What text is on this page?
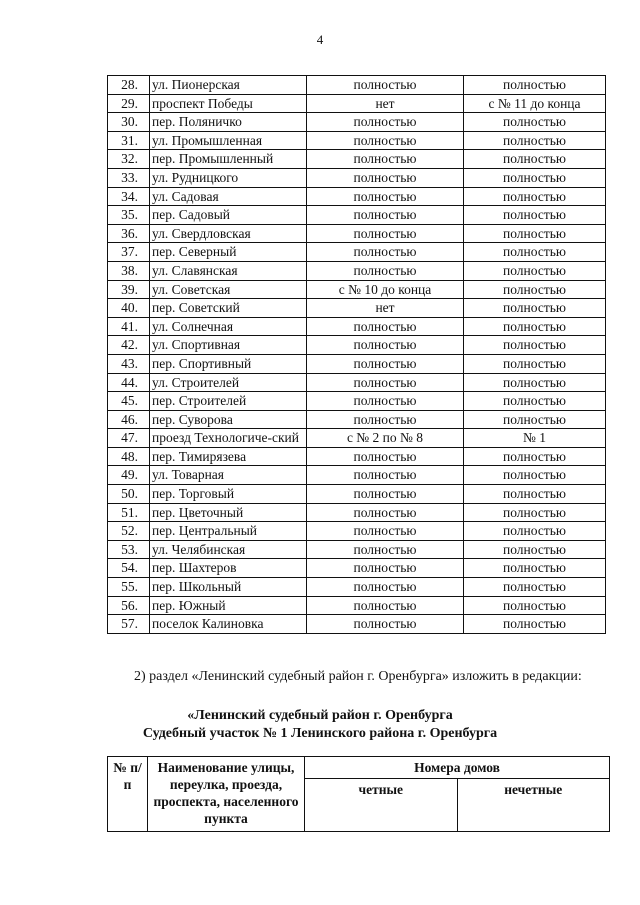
4
28.	ул. Пионерская	полностью	полностью
29.	проспект Победы	нет	с № 11 до конца
30.	пер. Поляничко	полностью	полностью
31.	ул. Промышленная	полностью	полностью
32.	пер. Промышленный	полностью	полностью
33.	ул. Рудницкого	полностью	полностью
34.	ул. Садовая	полностью	полностью
35.	пер. Садовый	полностью	полностью
36.	ул. Свердловская	полностью	полностью
37.	пер. Северный	полностью	полностью
38.	ул. Славянская	полностью	полностью
39.	ул. Советская	с № 10 до конца	полностью
40.	пер. Советский	нет	полностью
41.	ул. Солнечная	полностью	полностью
42.	ул. Спортивная	полностью	полностью
43.	пер. Спортивный	полностью	полностью
44.	ул. Строителей	полностью	полностью
45.	пер. Строителей	полностью	полностью
46.	пер. Суворова	полностью	полностью
47.	проезд Технологиче-ский	с № 2 по № 8	№ 1
48.	пер. Тимирязева	полностью	полностью
49.	ул. Товарная	полностью	полностью
50.	пер. Торговый	полностью	полностью
51.	пер. Цветочный	полностью	полностью
52.	пер. Центральный	полностью	полностью
53.	ул. Челябинская	полностью	полностью
54.	пер. Шахтеров	полностью	полностью
55.	пер. Школьный	полностью	полностью
56.	пер. Южный	полностью	полностью
57.	поселок Калиновка	полностью	полностью
2) раздел «Ленинский судебный район г. Оренбурга» изложить в редакции:
«Ленинский судебный район г. Оренбурга
Судебный участок № 1 Ленинского района г. Оренбурга
№ п/п	Наименование улицы, переулка, проезда, проспекта, населенного пункта	Номера домов	
		четные	нечетные
